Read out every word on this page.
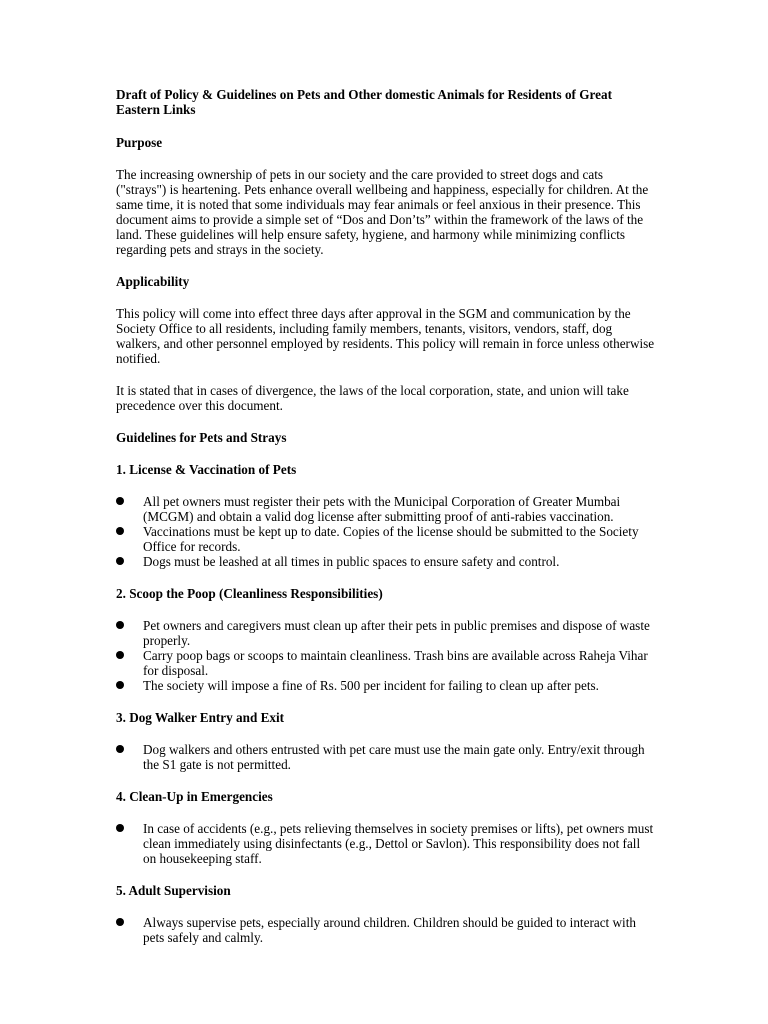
Draft of Policy & Guidelines on Pets and Other domestic Animals for Residents of Great Eastern Links
Purpose
The increasing ownership of pets in our society and the care provided to street dogs and cats ("strays") is heartening. Pets enhance overall wellbeing and happiness, especially for children. At the same time, it is noted that some individuals may fear animals or feel anxious in their presence. This document aims to provide a simple set of “Dos and Don’ts” within the framework of the laws of the land. These guidelines will help ensure safety, hygiene, and harmony while minimizing conflicts regarding pets and strays in the society.
Applicability
This policy will come into effect three days after approval in the SGM and communication by the Society Office to all residents, including family members, tenants, visitors, vendors, staff, dog walkers, and other personnel employed by residents. This policy will remain in force unless otherwise notified.
It is stated that in cases of divergence, the laws of the local corporation, state, and union will take precedence over this document.
Guidelines for Pets and Strays
1. License & Vaccination of Pets
All pet owners must register their pets with the Municipal Corporation of Greater Mumbai (MCGM) and obtain a valid dog license after submitting proof of anti-rabies vaccination.
Vaccinations must be kept up to date. Copies of the license should be submitted to the Society Office for records.
Dogs must be leashed at all times in public spaces to ensure safety and control.
2. Scoop the Poop (Cleanliness Responsibilities)
Pet owners and caregivers must clean up after their pets in public premises and dispose of waste properly.
Carry poop bags or scoops to maintain cleanliness. Trash bins are available across Raheja Vihar for disposal.
The society will impose a fine of Rs. 500 per incident for failing to clean up after pets.
3. Dog Walker Entry and Exit
Dog walkers and others entrusted with pet care must use the main gate only. Entry/exit through the S1 gate is not permitted.
4. Clean-Up in Emergencies
In case of accidents (e.g., pets relieving themselves in society premises or lifts), pet owners must clean immediately using disinfectants (e.g., Dettol or Savlon). This responsibility does not fall on housekeeping staff.
5. Adult Supervision
Always supervise pets, especially around children. Children should be guided to interact with pets safely and calmly.
